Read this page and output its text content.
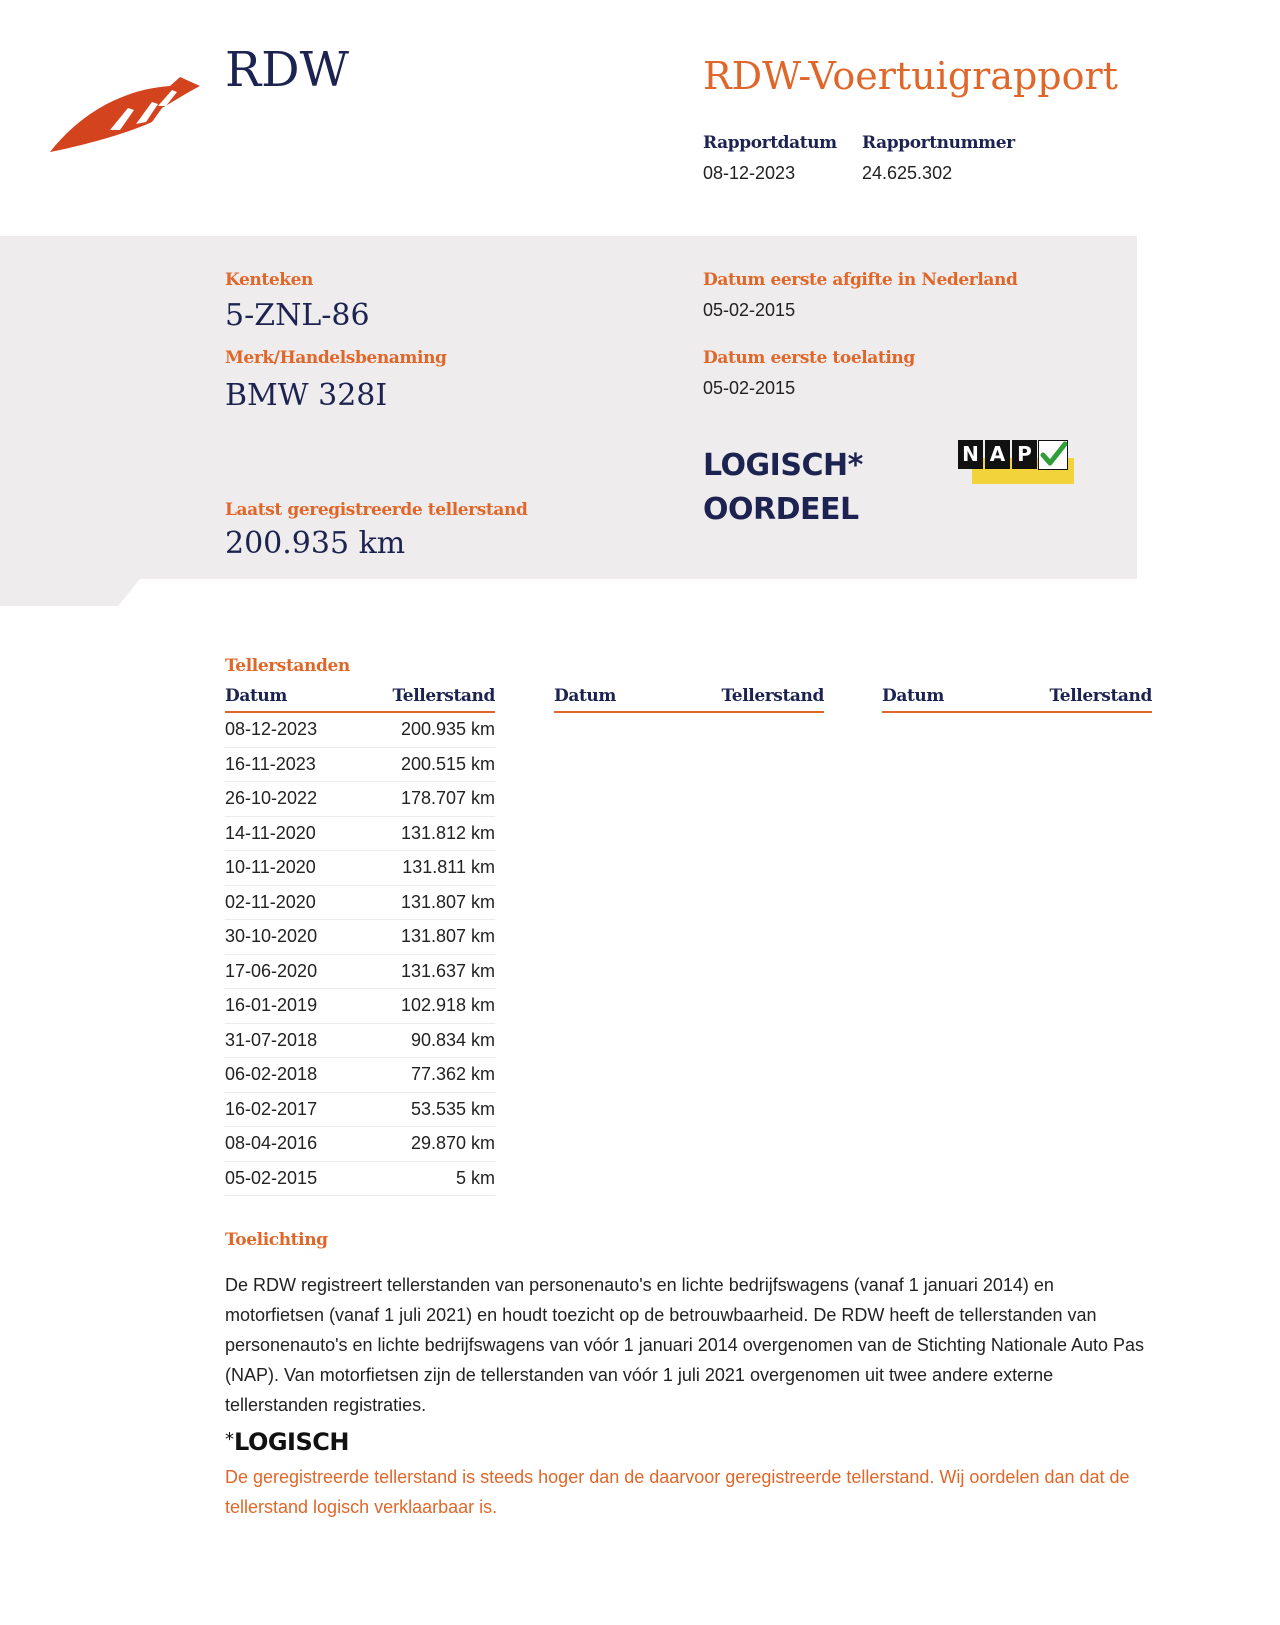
RDW	RDW-Voertuigrapport
Rapportdatum
08-12-2023
Rapportnummer
24.625.302
Kenteken
5-ZNL-86
Merk/Handelsbenaming
BMW 328I
Laatst geregistreerde tellerstand
200.935 km
Datum eerste afgifte in Nederland
05-02-2015
Datum eerste toelating
05-02-2015
LOGISCH*
OORDEEL
N A P
Tellerstanden
Datum	Tellerstand
08-12-2023	200.935 km
16-11-2023	200.515 km
26-10-2022	178.707 km
14-11-2020	131.812 km
10-11-2020	131.811 km
02-11-2020	131.807 km
30-10-2020	131.807 km
17-06-2020	131.637 km
16-01-2019	102.918 km
31-07-2018	90.834 km
06-02-2018	77.362 km
16-02-2017	53.535 km
08-04-2016	29.870 km
05-02-2015	5 km
Datum	Tellerstand	Datum	Tellerstand
Toelichting
De RDW registreert tellerstanden van personenauto's en lichte bedrijfswagens (vanaf 1 januari 2014) en motorfietsen (vanaf 1 juli 2021) en houdt toezicht op de betrouwbaarheid. De RDW heeft de tellerstanden van personenauto's en lichte bedrijfswagens van vóór 1 januari 2014 overgenomen van de Stichting Nationale Auto Pas (NAP). Van motorfietsen zijn de tellerstanden van vóór 1 juli 2021 overgenomen uit twee andere externe tellerstanden registraties.
*LOGISCH
De geregistreerde tellerstand is steeds hoger dan de daarvoor geregistreerde tellerstand. Wij oordelen dan dat de tellerstand logisch verklaarbaar is.
